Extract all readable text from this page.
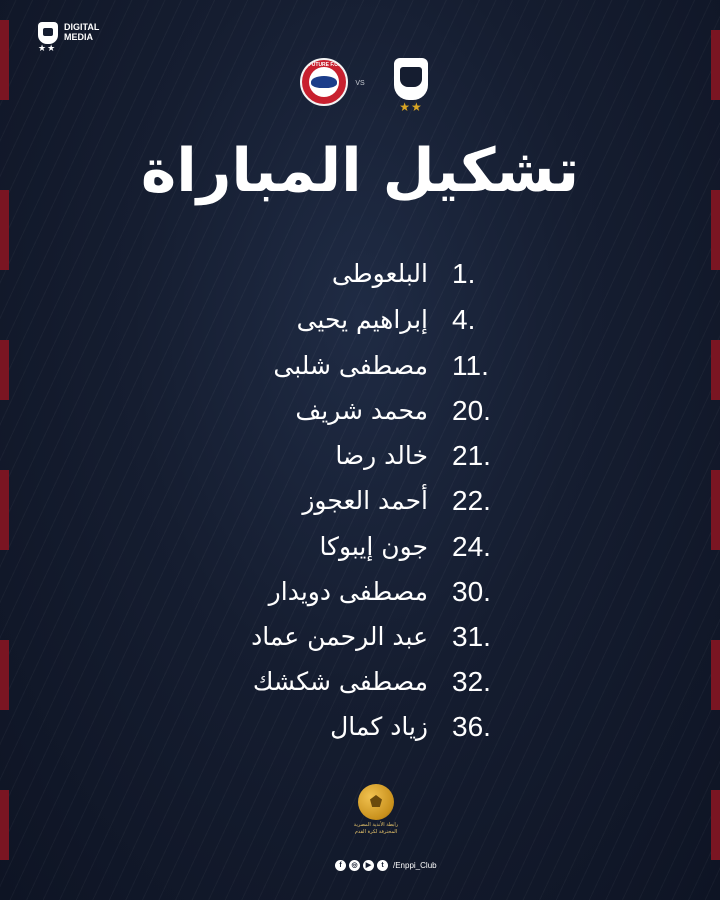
DIGITAL
MEDIA
★★
FUTURE F.C.
VS
★★
تشكيل المباراة
1.
البلعوطى
4.
إبراهيم يحيى
11.
مصطفى شلبى
20.
محمد شريف
21.
خالد رضا
22.
أحمد العجوز
24.
جون إيبوكا
30.
مصطفى دويدار
31.
عبد الرحمن عماد
32.
مصطفى شكشك
36.
زياد كمال
رابطة الأندية المصرية المحترفة لكرة القدم
f	◎	▶	t	/Enppi_Club
